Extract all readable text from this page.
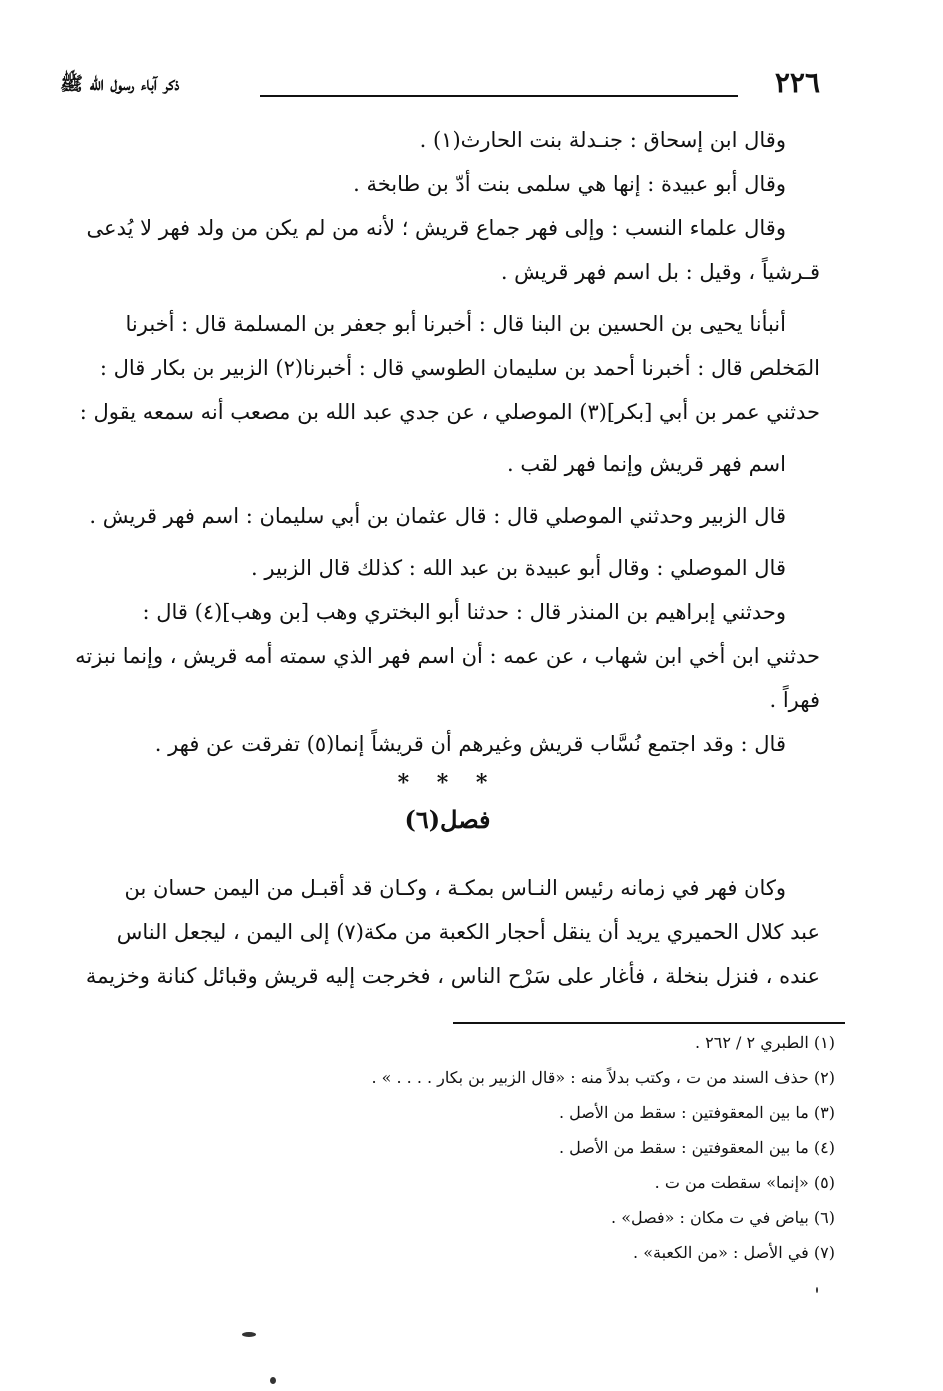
٢٢٦
ذكر آباء رسول الله ﷺ

وقال ابن إسحاق : جنـدلة بنت الحارث(١) .

وقال أبو عبيدة : إنها هي سلمى بنت أدّ بن طابخة .

وقال علماء النسب : وإلى فهر جماع قريش ؛ لأنه من لم يكن من ولد فهر لا يُدعى

قـرشياً ، وقيل : بل اسم فهر قريش .

أنبأنا يحيى بن الحسين بن البنا قال : أخبرنا أبو جعفر بن المسلمة قال : أخبرنا

المَخلص قال : أخبرنا أحمد بن سليمان الطوسي قال : أخبرنا(٢) الزبير بن بكار قال :

حدثني عمر بن أبي [بكر](٣) الموصلي ، عن جدي عبد الله بن مصعب أنه سمعه يقول :

اسم فهر قريش وإنما فهر لقب .

قال الزبير وحدثني الموصلي قال : قال عثمان بن أبي سليمان : اسم فهر قريش .

قال الموصلي : وقال أبو عبيدة بن عبد الله : كذلك قال الزبير .

وحدثني إبراهيم بن المنذر قال : حدثنا أبو البختري وهب [بن وهب](٤) قال :

حدثني ابن أخي ابن شهاب ، عن عمه : أن اسم فهر الذي سمته أمه قريش ، وإنما نبزته

فهراً .

قال : وقد اجتمع نُسَّاب قريش وغيرهم أن قريشاً إنما(٥) تفرقت عن فهر .

* * *

فصل(٦)

وكان فهر في زمانه رئيس النـاس بمكـة ، وكـان قد أقبـل من اليمن حسان بن

عبد كلال الحميري يريد أن ينقل أحجار الكعبة من مكة(٧) إلى اليمن ، ليجعل الناس

عنده ، فنزل بنخلة ، فأغار على سَرْح الناس ، فخرجت إليه قريش وقبائل كنانة وخزيمة

(١) الطبري ٢ / ٢٦٢ .

(٢) حذف السند من ت ، وكتب بدلاً منه : «قال الزبير بن بكار . . . . » .

(٣) ما بين المعقوفتين : سقط من الأصل .

(٤) ما بين المعقوفتين : سقط من الأصل .

(٥) «إنما» سقطت من ت .

(٦) بياض في ت مكان : «فصل» .

(٧) في الأصل : «من الكعبة» .
